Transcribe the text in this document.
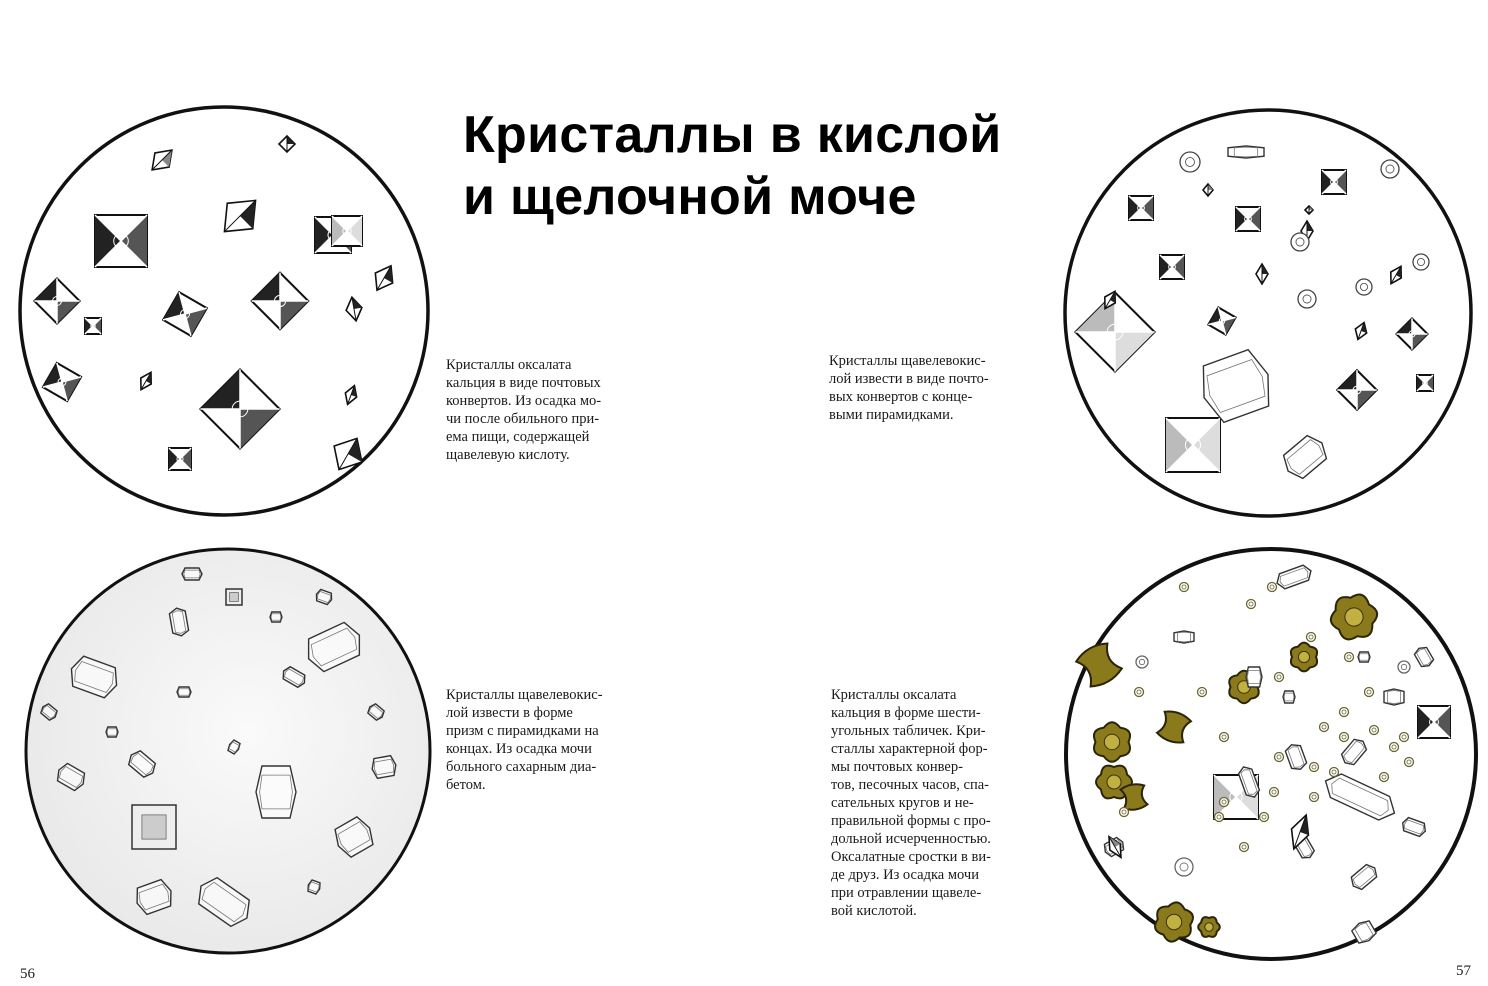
Кристаллы в кислой
и щелочной моче
Кристаллы оксалата
кальция в виде почтовых
конвертов. Из осадка мо-
чи после обильного при-
ема пищи, содержащей
щавелевую кислоту.
Кристаллы щавелевокис-
лой извести в виде почто-
вых конвертов с конце-
выми пирамидками.
Кристаллы щавелевокис-
лой извести в форме
призм с пирамидками на
концах. Из осадка мочи
больного сахарным диа-
бетом.
Кристаллы оксалата
кальция в форме шести-
угольных табличек. Кри-
сталлы характерной фор-
мы почтовых конвер-
тов, песочных часов, спа-
сательных кругов и не-
правильной формы с про-
дольной исчерченностью.
Оксалатные сростки в ви-
де друз. Из осадка мочи
при отравлении щавеле-
вой кислотой.
56	57
